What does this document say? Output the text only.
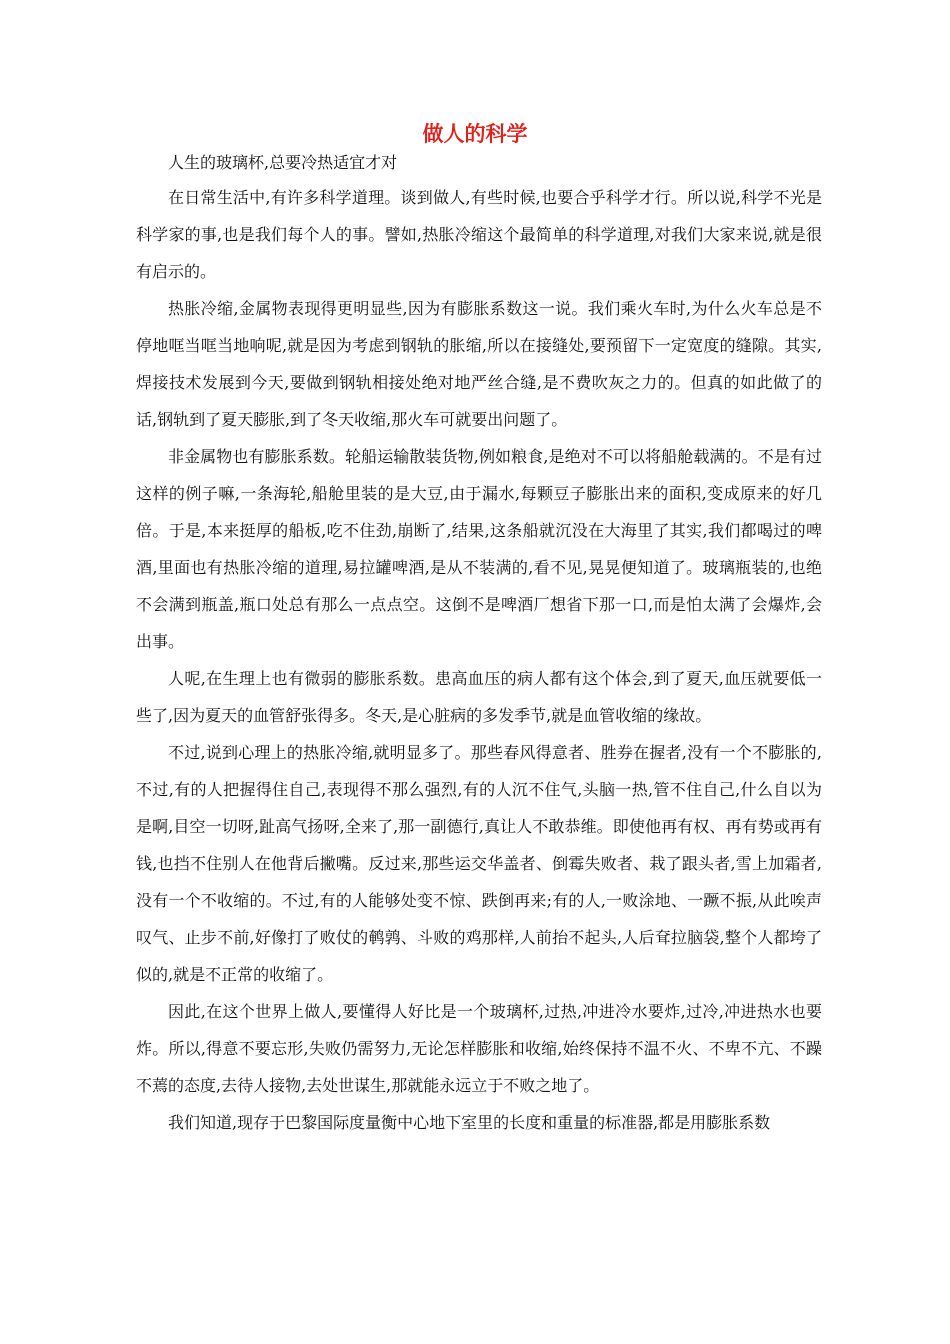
做人的科学

人生的玻璃杯,总要冷热适宜才对

在日常生活中,有许多科学道理。谈到做人,有些时候,也要合乎科学才行。所以说,科学不光是科学家的事,也是我们每个人的事。譬如,热胀冷缩这个最简单的科学道理,对我们大家来说,就是很有启示的。

热胀冷缩,金属物表现得更明显些,因为有膨胀系数这一说。我们乘火车时,为什么火车总是不停地哐当哐当地响呢,就是因为考虑到钢轨的胀缩,所以在接缝处,要预留下一定宽度的缝隙。其实,焊接技术发展到今天,要做到钢轨相接处绝对地严丝合缝,是不费吹灰之力的。但真的如此做了的话,钢轨到了夏天膨胀,到了冬天收缩,那火车可就要出问题了。

非金属物也有膨胀系数。轮船运输散装货物,例如粮食,是绝对不可以将船舱载满的。不是有过这样的例子嘛,一条海轮,船舱里装的是大豆,由于漏水,每颗豆子膨胀出来的面积,变成原来的好几倍。于是,本来挺厚的船板,吃不住劲,崩断了,结果,这条船就沉没在大海里了其实,我们都喝过的啤酒,里面也有热胀冷缩的道理,易拉罐啤酒,是从不装满的,看不见,晃晃便知道了。玻璃瓶装的,也绝不会满到瓶盖,瓶口处总有那么一点点空。这倒不是啤酒厂想省下那一口,而是怕太满了会爆炸,会出事。

人呢,在生理上也有微弱的膨胀系数。患高血压的病人都有这个体会,到了夏天,血压就要低一些了,因为夏天的血管舒张得多。冬天,是心脏病的多发季节,就是血管收缩的缘故。

不过,说到心理上的热胀冷缩,就明显多了。那些春风得意者、胜券在握者,没有一个不膨胀的,不过,有的人把握得住自己,表现得不那么强烈,有的人沉不住气,头脑一热,管不住自己,什么自以为是啊,目空一切呀,趾高气扬呀,全来了,那一副德行,真让人不敢恭维。即使他再有权、再有势或再有钱,也挡不住别人在他背后撇嘴。反过来,那些运交华盖者、倒霉失败者、栽了跟头者,雪上加霜者,没有一个不收缩的。不过,有的人能够处变不惊、跌倒再来;有的人,一败涂地、一蹶不振,从此唉声叹气、止步不前,好像打了败仗的鹌鹑、斗败的鸡那样,人前抬不起头,人后耷拉脑袋,整个人都垮了似的,就是不正常的收缩了。

因此,在这个世界上做人,要懂得人好比是一个玻璃杯,过热,冲进冷水要炸,过冷,冲进热水也要炸。所以,得意不要忘形,失败仍需努力,无论怎样膨胀和收缩,始终保持不温不火、不卑不亢、不躁不蔫的态度,去待人接物,去处世谋生,那就能永远立于不败之地了。

我们知道,现存于巴黎国际度量衡中心地下室里的长度和重量的标准器,都是用膨胀系数
